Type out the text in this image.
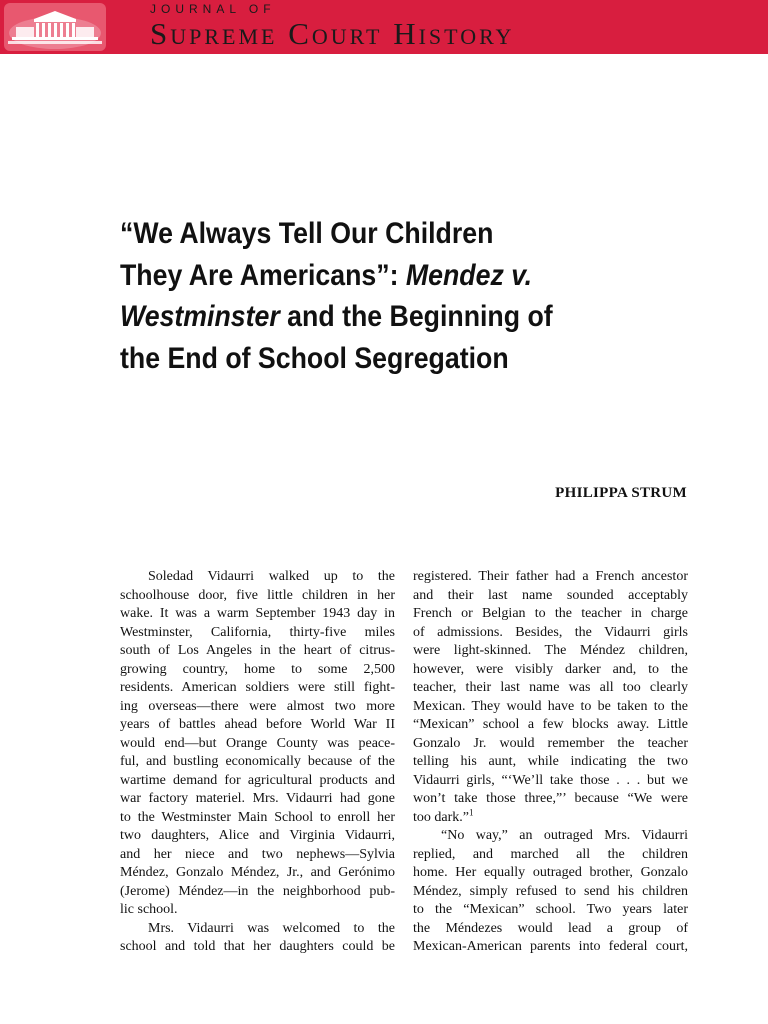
JOURNAL OF
Supreme Court History
“We Always Tell Our Children
They Are Americans”: Mendez v.
Westminster and the Beginning of
the End of School Segregation
PHILIPPA STRUM
Soledad Vidaurri walked up to the
schoolhouse door, five little children in her
wake. It was a warm September 1943 day in
Westminster, California, thirty-five miles
south of Los Angeles in the heart of citrus-
growing country, home to some 2,500
residents. American soldiers were still fight-
ing overseas—there were almost two more
years of battles ahead before World War II
would end—but Orange County was peace-
ful, and bustling economically because of the
wartime demand for agricultural products and
war factory materiel. Mrs. Vidaurri had gone
to the Westminster Main School to enroll her
two daughters, Alice and Virginia Vidaurri,
and her niece and two nephews—Sylvia
Méndez, Gonzalo Méndez, Jr., and Gerónimo
(Jerome) Méndez—in the neighborhood pub-
lic school.
Mrs. Vidaurri was welcomed to the
school and told that her daughters could be
registered. Their father had a French ancestor
and their last name sounded acceptably
French or Belgian to the teacher in charge
of admissions. Besides, the Vidaurri girls
were light-skinned. The Méndez children,
however, were visibly darker and, to the
teacher, their last name was all too clearly
Mexican. They would have to be taken to the
“Mexican” school a few blocks away. Little
Gonzalo Jr. would remember the teacher
telling his aunt, while indicating the two
Vidaurri girls, “‘We’ll take those . . . but we
won’t take those three,”’ because “We were
too dark.”$^1$
“No way,” an outraged Mrs. Vidaurri
replied, and marched all the children
home. Her equally outraged brother, Gonzalo
Méndez, simply refused to send his children
to the “Mexican” school. Two years later
the Méndezes would lead a group of
Mexican-American parents into federal court,
